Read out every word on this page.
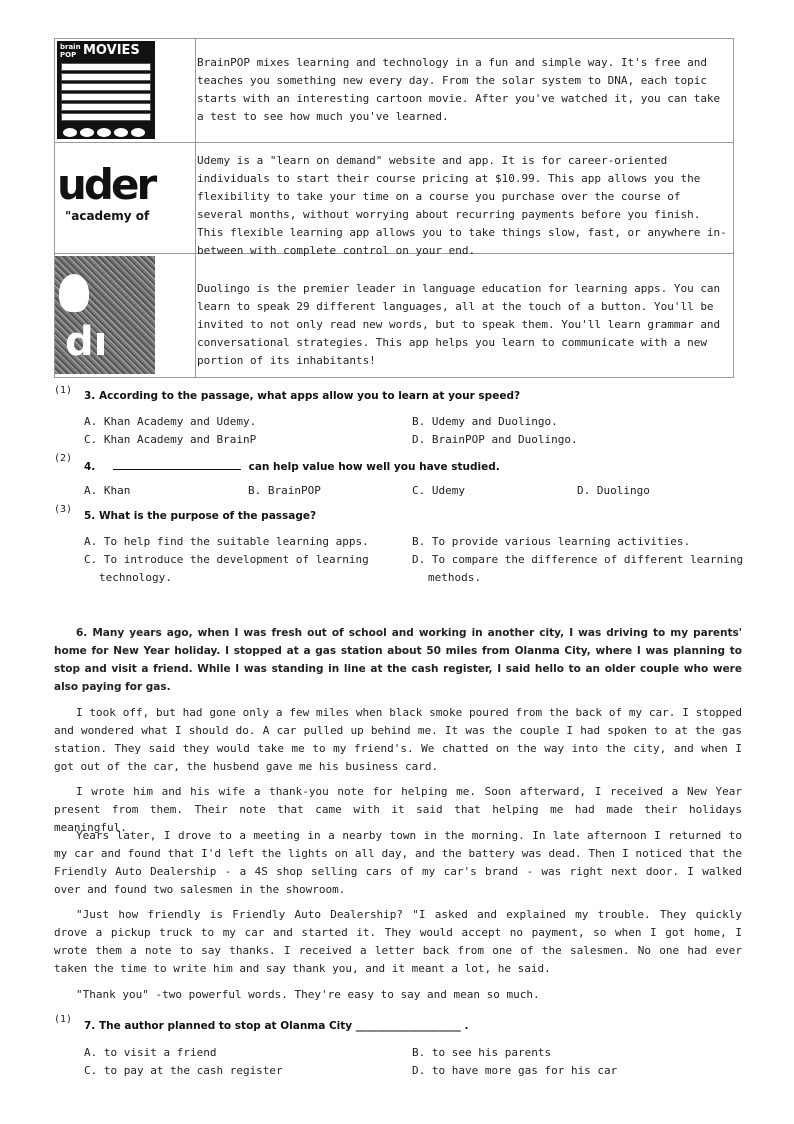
brain POP MOVIES
BrainPOP mixes learning and technology in a fun and simple way. It's free and teaches you something new every day. From the solar system to DNA, each topic starts with an interesting cartoon movie. After you've watched it, you can take a test to see how much you've learned.
uder
"academy of
Udemy is a "learn on demand" website and app. It is for career-oriented individuals to start their course pricing at $10.99. This app allows you the flexibility to take your time on a course you purchase over the course of several months, without worrying about recurring payments before you finish. This flexible learning app allows you to take things slow, fast, or anywhere in-between with complete control on your end.
dı
Duolingo is the premier leader in language education for learning apps. You can learn to speak 29 different languages, all at the touch of a button. You'll be invited to not only read new words, but to speak them. You'll learn grammar and conversational strategies. This app helps you learn to communicate with a new portion of its inhabitants!
(1) 3. According to the passage, what apps allow you to learn at your speed?
A. Khan Academy and Udemy.	B. Udemy and Duolingo.
C. Khan Academy and BrainP	D. BrainPOP and Duolingo.
(2)
4.	can help value how well you have studied.
A. Khan	B. BrainPOP	C. Udemy	D. Duolingo
(3)
5. What is the purpose of the passage?
A. To help find the suitable learning apps.	B. To provide various learning activities.
C. To introduce the development of learning
technology.
D. To compare the difference of different learning
methods.
6. Many years ago, when I was fresh out of school and working in another city, I was driving to my parents' home for New Year holiday. I stopped at a gas station about 50 miles from Olanma City, where I was planning to stop and visit a friend. While I was standing in line at the cash register, I said hello to an older couple who were also paying for gas.
I took off, but had gone only a few miles when black smoke poured from the back of my car. I stopped and wondered what I should do. A car pulled up behind me. It was the couple I had spoken to at the gas station. They said they would take me to my friend's. We chatted on the way into the city, and when I got out of the car, the husbend gave me his business card.
I wrote him and his wife a thank-you note for helping me. Soon afterward, I received a New Year present from them. Their note that came with it said that helping me had made their holidays meaningful.
Years later, I drove to a meeting in a nearby town in the morning. In late afternoon I returned to my car and found that I'd left the lights on all day, and the battery was dead. Then I noticed that the Friendly Auto Dealership - a 4S shop selling cars of my car's brand - was right next door. I walked over and found two salesmen in the showroom.
"Just how friendly is Friendly Auto Dealership? "I asked and explained my trouble. They quickly drove a pickup truck to my car and started it. They would accept no payment, so when I got home, I wrote them a note to say thanks. I received a letter back from one of the salesmen. No one had ever taken the time to write him and say thank you, and it meant a lot, he said.
"Thank you" -two powerful words. They're easy to say and mean so much.
(1)
7. The author planned to stop at Olanma City ____________________ .
A. to visit a friend	B. to see his parents
C. to pay at the cash register	D. to have more gas for his car
